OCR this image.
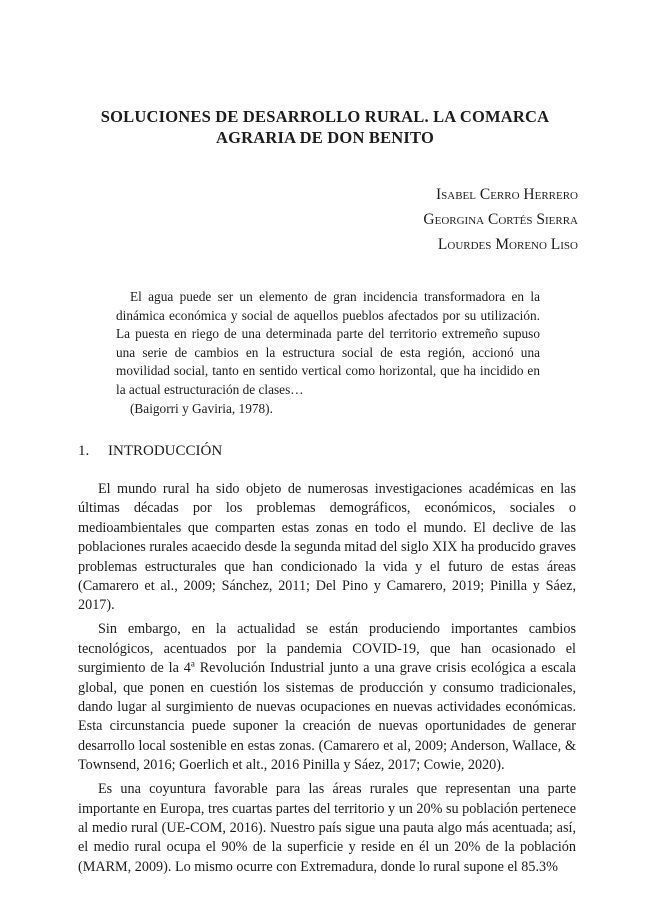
SOLUCIONES DE DESARROLLO RURAL. LA COMARCA
AGRARIA DE DON BENITO
Isabel Cerro Herrero
Georgina Cortés Sierra
Lourdes Moreno Liso

El agua puede ser un elemento de gran incidencia transformadora en la dinámica económica y social de aquellos pueblos afectados por su utilización. La puesta en riego de una determinada parte del territorio extremeño supuso una serie de cambios en la estructura social de esta región, accionó una movilidad social, tanto en sentido vertical como horizontal, que ha incidido en la actual estructuración de clases…

(Baigorri y Gaviria, 1978).
1. INTRODUCCIÓN

El mundo rural ha sido objeto de numerosas investigaciones académicas en las últimas décadas por los problemas demográficos, económicos, sociales o medioambientales que comparten estas zonas en todo el mundo. El declive de las poblaciones rurales acaecido desde la segunda mitad del siglo XIX ha producido graves problemas estructurales que han condicionado la vida y el futuro de estas áreas (Camarero et al., 2009; Sánchez, 2011; Del Pino y Camarero, 2019; Pinilla y Sáez, 2017).

Sin embargo, en la actualidad se están produciendo importantes cambios tecnológicos, acentuados por la pandemia COVID-19, que han ocasionado el surgimiento de la 4$^a$ Revolución Industrial junto a una grave crisis ecológica a escala global, que ponen en cuestión los sistemas de producción y consumo tradicionales, dando lugar al surgimiento de nuevas ocupaciones en nuevas actividades económicas. Esta circunstancia puede suponer la creación de nuevas oportunidades de generar desarrollo local sostenible en estas zonas. (Camarero et al, 2009; Anderson, Wallace, & Townsend, 2016; Goerlich et alt., 2016 Pinilla y Sáez, 2017; Cowie, 2020).

Es una coyuntura favorable para las áreas rurales que representan una parte importante en Europa, tres cuartas partes del territorio y un 20% su población pertenece al medio rural (UE-COM, 2016). Nuestro país sigue una pauta algo más acentuada; así, el medio rural ocupa el 90% de la superficie y reside en él un 20% de la población (MARM, 2009). Lo mismo ocurre con Extremadura, donde lo rural supone el 85.3%
